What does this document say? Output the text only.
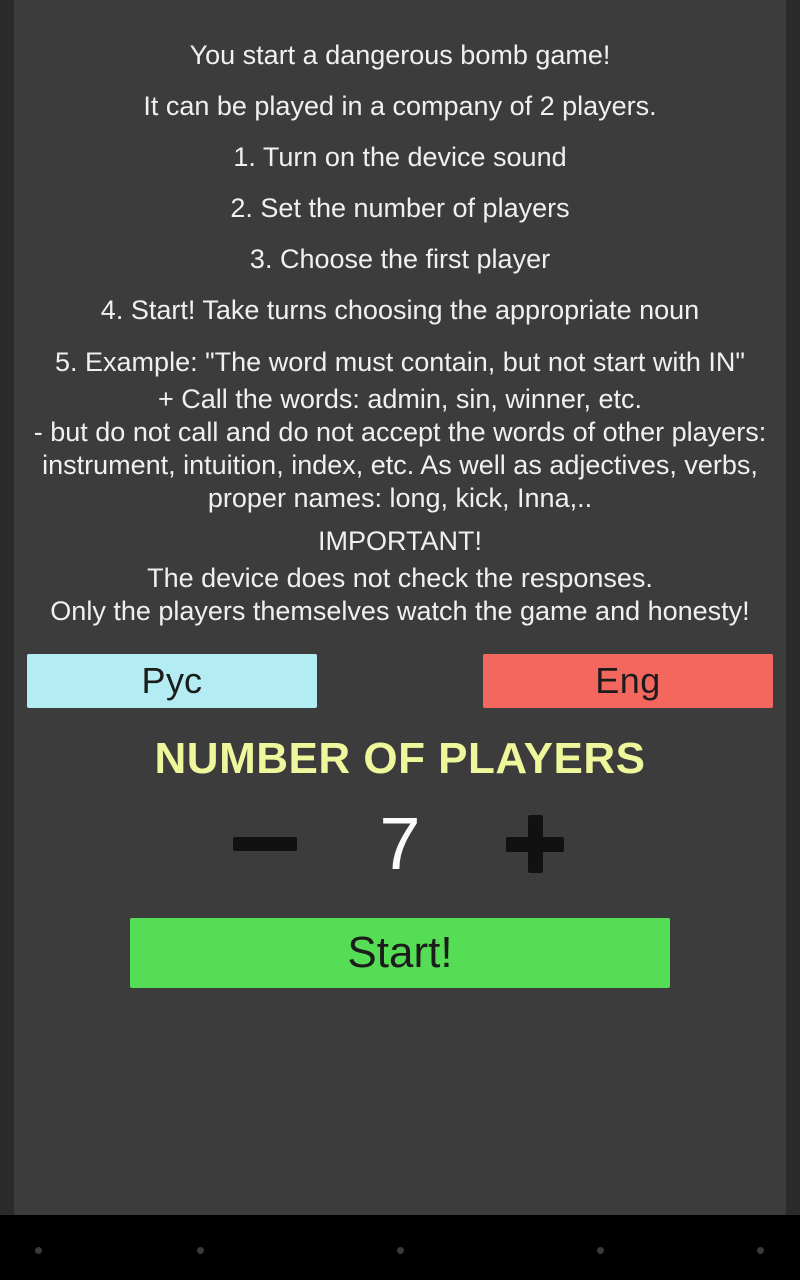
You start a dangerous bomb game!

It can be played in a company of 2 players.

1. Turn on the device sound

2. Set the number of players

3. Choose the first player

4. Start! Take turns choosing the appropriate noun

5. Example: "The word must contain, but not start with IN"

+ Call the words: admin, sin, winner, etc.

- but do not call and do not accept the words of other players: instrument, intuition, index, etc. As well as adjectives, verbs, proper names: long, kick, Inna,..

IMPORTANT!

The device does not check the responses.

Only the players themselves watch the game and honesty!

Рус	Eng
NUMBER OF PLAYERS
7
Start!
